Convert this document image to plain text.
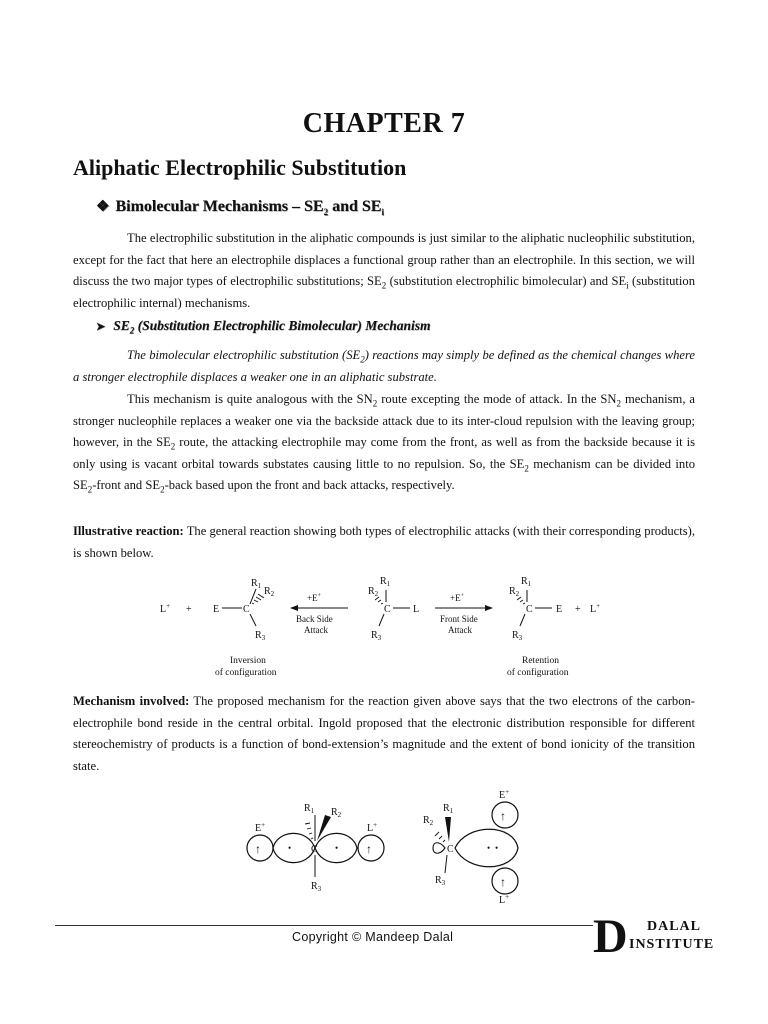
CHAPTER 7
Aliphatic Electrophilic Substitution
❖ Bimolecular Mechanisms – $SE_2$ and $SE_i$

The electrophilic substitution in the aliphatic compounds is just similar to the aliphatic nucleophilic substitution, except for the fact that here an electrophile displaces a functional group rather than an electrophile. In this section, we will discuss the two major types of electrophilic substitutions; $SE_2$ (substitution electrophilic bimolecular) and $SE_i$ (substitution electrophilic internal) mechanisms.

➤ $SE_2$ (Substitution Electrophilic Bimolecular) Mechanism

The bimolecular electrophilic substitution $(SE_2)$ reactions may simply be defined as the chemical changes where a stronger electrophile displaces a weaker one in an aliphatic substrate.

This mechanism is quite analogous with the $SN_2$ route excepting the mode of attack. In the $SN_2$ mechanism, a stronger nucleophile replaces a weaker one via the backside attack due to its inter-cloud repulsion with the leaving group; however, in the $SE_2$ route, the attacking electrophile may come from the front, as well as from the backside because it is only using is vacant orbital towards substates causing little to no repulsion. So, the $SE_2$ mechanism can be divided into $SE_2$-front and $SE_2$-back based upon the front and back attacks, respectively.

Illustrative reaction: The general reaction showing both types of electrophilic attacks (with their corresponding products), is shown below.

L+ + E C
$R_1$ $R_2$
$R_3$
+E+
Back Side
Attack
$R_1$
$R_2$
C L
$R_3$
+E+
Front Side
Attack
$R_1$
$R_2$
C E + L+
$R_3$
Inversion
of configuration
Retention
of configuration

Mechanism involved: The proposed mechanism for the reaction given above says that the two electrons of the carbon-electrophile bond reside in the central orbital. Ingold proposed that the electronic distribution responsible for different stereochemistry of products is a function of bond-extension’s magnitude and the extent of bond ionicity of the transition state.

↑	•	• ↑
E+	L+
C
$R_1$ $R_2$
$R_3$
$R_1$
$R_2$
C	• •
↑
E+
↑
L+
$R_3$
Copyright © Mandeep Dalal	D DALAL
INSTITUTE
